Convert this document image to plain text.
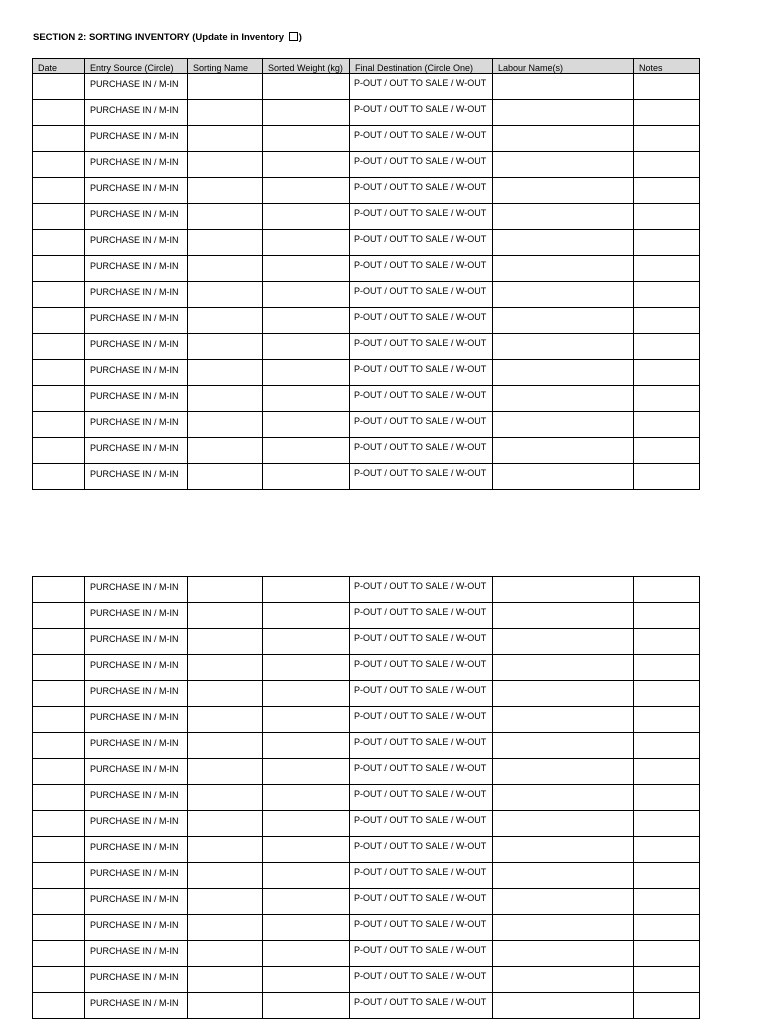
SECTION 2: SORTING INVENTORY (Update in Inventory )
Date	Entry Source (Circle)	Sorting Name	Sorted Weight (kg)	Final Destination (Circle One)	Labour Name(s)	Notes
	PURCHASE IN / M-IN			P-OUT / OUT TO SALE / W-OUT		
	PURCHASE IN / M-IN			P-OUT / OUT TO SALE / W-OUT		
	PURCHASE IN / M-IN			P-OUT / OUT TO SALE / W-OUT		
	PURCHASE IN / M-IN			P-OUT / OUT TO SALE / W-OUT		
	PURCHASE IN / M-IN			P-OUT / OUT TO SALE / W-OUT		
	PURCHASE IN / M-IN			P-OUT / OUT TO SALE / W-OUT		
	PURCHASE IN / M-IN			P-OUT / OUT TO SALE / W-OUT		
	PURCHASE IN / M-IN			P-OUT / OUT TO SALE / W-OUT		
	PURCHASE IN / M-IN			P-OUT / OUT TO SALE / W-OUT		
	PURCHASE IN / M-IN			P-OUT / OUT TO SALE / W-OUT		
	PURCHASE IN / M-IN			P-OUT / OUT TO SALE / W-OUT		
	PURCHASE IN / M-IN			P-OUT / OUT TO SALE / W-OUT		
	PURCHASE IN / M-IN			P-OUT / OUT TO SALE / W-OUT		
	PURCHASE IN / M-IN			P-OUT / OUT TO SALE / W-OUT		
	PURCHASE IN / M-IN			P-OUT / OUT TO SALE / W-OUT		
	PURCHASE IN / M-IN			P-OUT / OUT TO SALE / W-OUT		
	PURCHASE IN / M-IN			P-OUT / OUT TO SALE / W-OUT		
	PURCHASE IN / M-IN			P-OUT / OUT TO SALE / W-OUT		
	PURCHASE IN / M-IN			P-OUT / OUT TO SALE / W-OUT		
	PURCHASE IN / M-IN			P-OUT / OUT TO SALE / W-OUT		
	PURCHASE IN / M-IN			P-OUT / OUT TO SALE / W-OUT		
	PURCHASE IN / M-IN			P-OUT / OUT TO SALE / W-OUT		
	PURCHASE IN / M-IN			P-OUT / OUT TO SALE / W-OUT		
	PURCHASE IN / M-IN			P-OUT / OUT TO SALE / W-OUT		
	PURCHASE IN / M-IN			P-OUT / OUT TO SALE / W-OUT		
	PURCHASE IN / M-IN			P-OUT / OUT TO SALE / W-OUT		
	PURCHASE IN / M-IN			P-OUT / OUT TO SALE / W-OUT		
	PURCHASE IN / M-IN			P-OUT / OUT TO SALE / W-OUT		
	PURCHASE IN / M-IN			P-OUT / OUT TO SALE / W-OUT		
	PURCHASE IN / M-IN			P-OUT / OUT TO SALE / W-OUT		
	PURCHASE IN / M-IN			P-OUT / OUT TO SALE / W-OUT		
	PURCHASE IN / M-IN			P-OUT / OUT TO SALE / W-OUT		
	PURCHASE IN / M-IN			P-OUT / OUT TO SALE / W-OUT		
